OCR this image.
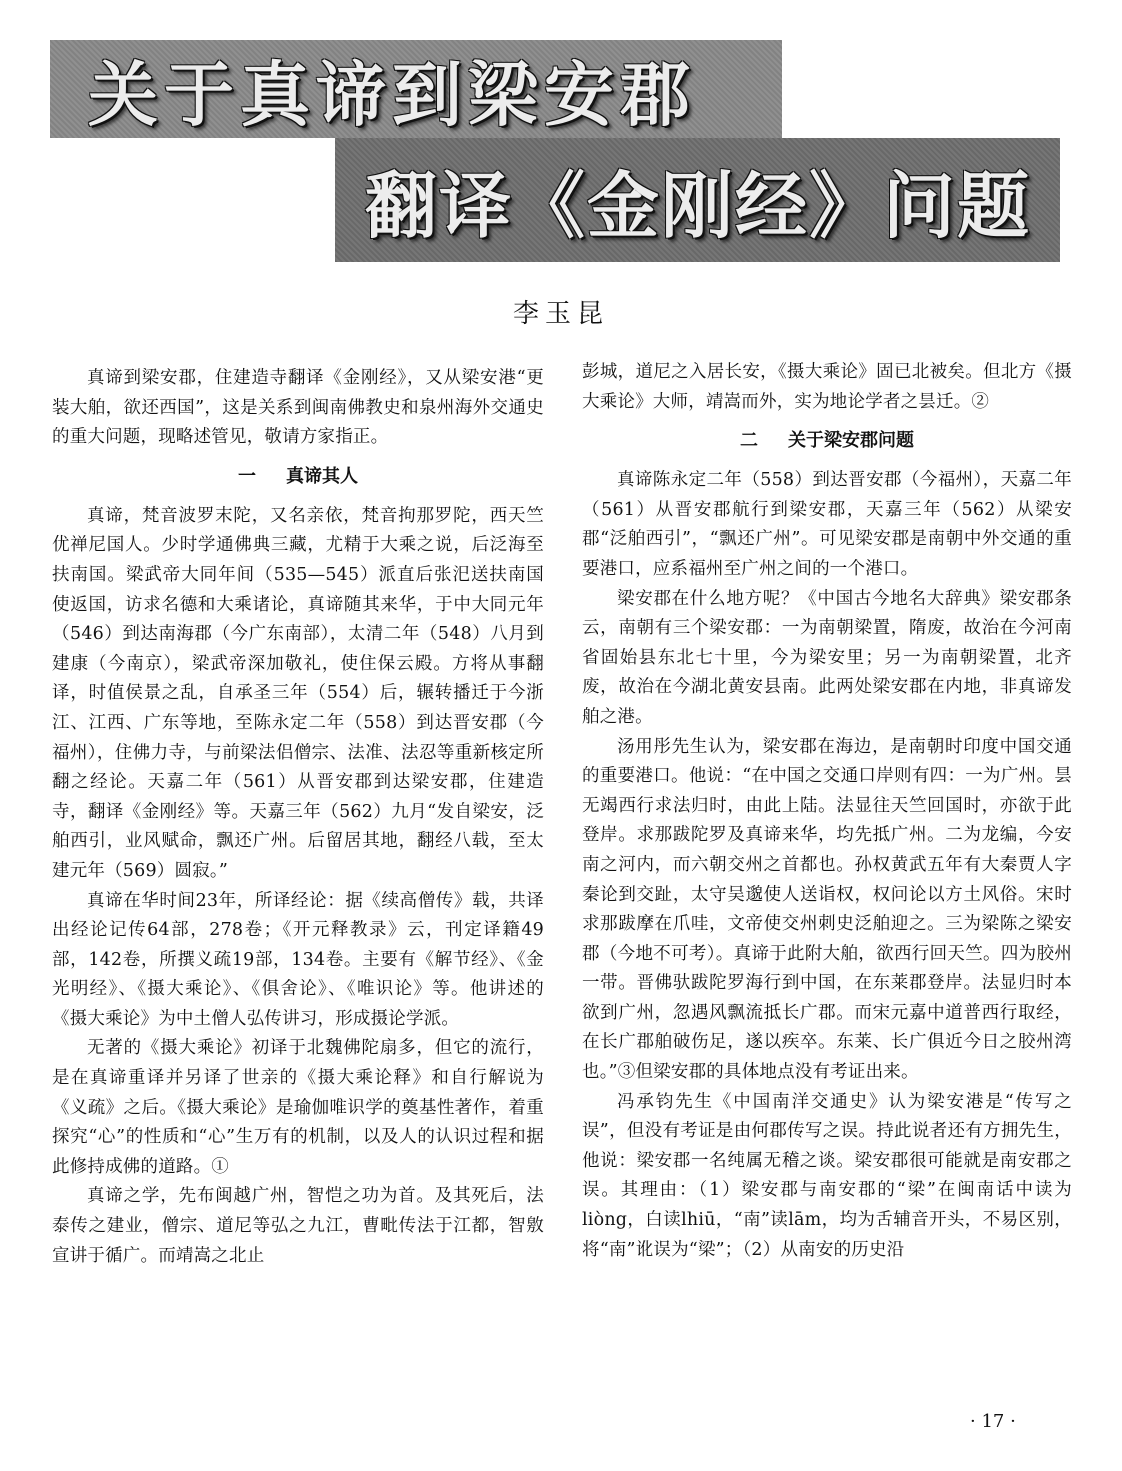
关于真谛到梁安郡
翻译《金刚经》问题
李玉昆

真谛到梁安郡，住建造寺翻译《金刚经》，又从梁安港“更装大舶，欲还西国”，这是关系到闽南佛教史和泉州海外交通史的重大问题，现略述管见，敬请方家指正。

一 真谛其人

真谛，梵音波罗末陀，又名亲依，梵音拘那罗陀，西天竺优禅尼国人。少时学通佛典三藏，尤精于大乘之说，后泛海至扶南国。梁武帝大同年间（535—545）派直后张汜送扶南国使返国，访求名德和大乘诸论，真谛随其来华，于中大同元年（546）到达南海郡（今广东南部），太清二年（548）八月到建康（今南京），梁武帝深加敬礼，使住保云殿。方将从事翻译，时值侯景之乱，自承圣三年（554）后，辗转播迁于今浙江、江西、广东等地，至陈永定二年（558）到达晋安郡（今福州），住佛力寺，与前梁法侣僧宗、法准、法忍等重新核定所翻之经论。天嘉二年（561）从晋安郡到达梁安郡，住建造寺，翻译《金刚经》等。天嘉三年（562）九月“发自梁安，泛舶西引，业风赋命，飘还广州。后留居其地，翻经八载，至太建元年（569）圆寂。”

真谛在华时间23年，所译经论：据《续高僧传》载，共译出经论记传64部，278卷；《开元释教录》云，刊定译籍49部，142卷，所撰义疏19部，134卷。主要有《解节经》、《金光明经》、《摄大乘论》、《俱舍论》、《唯识论》等。他讲述的《摄大乘论》为中土僧人弘传讲习，形成摄论学派。

无著的《摄大乘论》初译于北魏佛陀扇多，但它的流行，是在真谛重译并另译了世亲的《摄大乘论释》和自行解说为《义疏》之后。《摄大乘论》是瑜伽唯识学的奠基性著作，着重探究“心”的性质和“心”生万有的机制，以及人的认识过程和据此修持成佛的道路。①

真谛之学，先布闽越广州，智恺之功为首。及其死后，法泰传之建业，僧宗、道尼等弘之九江，曹毗传法于江都，智敫宣讲于循广。而靖嵩之北止

彭城，道尼之入居长安，《摄大乘论》固已北被矣。但北方《摄大乘论》大师，靖嵩而外，实为地论学者之昙迁。②

二 关于梁安郡问题

真谛陈永定二年（558）到达晋安郡（今福州），天嘉二年（561）从晋安郡航行到梁安郡，天嘉三年（562）从梁安郡“泛舶西引”，“飘还广州”。可见梁安郡是南朝中外交通的重要港口，应系福州至广州之间的一个港口。

梁安郡在什么地方呢？《中国古今地名大辞典》梁安郡条云，南朝有三个梁安郡：一为南朝梁置，隋废，故治在今河南省固始县东北七十里，今为梁安里；另一为南朝梁置，北齐废，故治在今湖北黄安县南。此两处梁安郡在内地，非真谛发舶之港。

汤用彤先生认为，梁安郡在海边，是南朝时印度中国交通的重要港口。他说：“在中国之交通口岸则有四：一为广州。昙无竭西行求法归时，由此上陆。法显往天竺回国时，亦欲于此登岸。求那跋陀罗及真谛来华，均先抵广州。二为龙编，今安南之河内，而六朝交州之首都也。孙权黄武五年有大秦贾人字秦论到交趾，太守吴邈使人送诣权，权问论以方土风俗。宋时求那跋摩在爪哇，文帝使交州刺史泛舶迎之。三为梁陈之梁安郡（今地不可考）。真谛于此附大舶，欲西行回天竺。四为胶州一带。晋佛驮跋陀罗海行到中国，在东莱郡登岸。法显归时本欲到广州，忽遇风飘流抵长广郡。而宋元嘉中道普西行取经，在长广郡舶破伤足，遂以疾卒。东莱、长广俱近今日之胶州湾也。”③但梁安郡的具体地点没有考证出来。

冯承钧先生《中国南洋交通史》认为梁安港是“传写之误”，但没有考证是由何郡传写之误。持此说者还有方拥先生，他说：梁安郡一名纯属无稽之谈。梁安郡很可能就是南安郡之误。其理由：（1）梁安郡与南安郡的“梁”在闽南话中读为liòng，白读lhiū，“南”读lām，均为舌辅音开头，不易区别，将“南”讹误为“梁”；（2）从南安的历史沿

· 17 ·
